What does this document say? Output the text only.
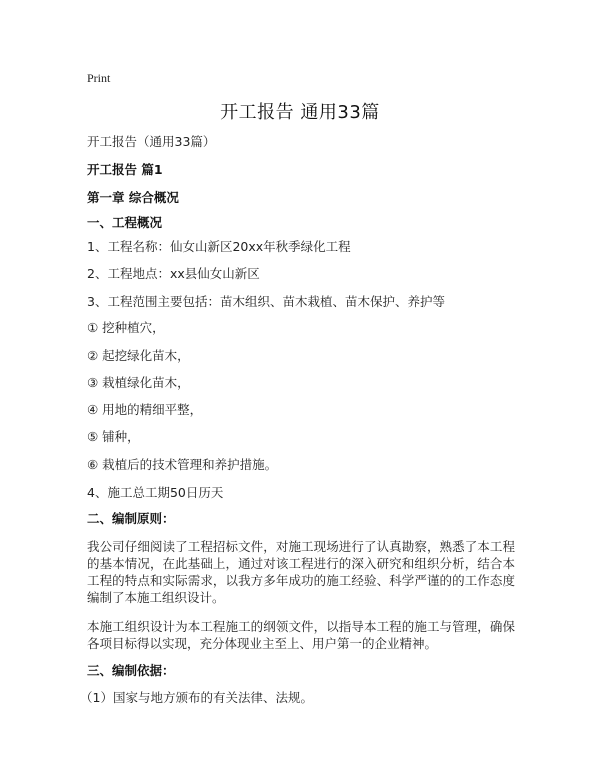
Print
开工报告 通用33篇
开工报告（通用33篇）
开工报告 篇1
第一章 综合概况
一、工程概况
1、工程名称：仙女山新区20xx年秋季绿化工程
2、工程地点：xx县仙女山新区
3、工程范围主要包括：苗木组织、苗木栽植、苗木保护、养护等
① 挖种植穴，
② 起挖绿化苗木，
③ 栽植绿化苗木，
④ 用地的精细平整，
⑤ 铺种，
⑥ 栽植后的技术管理和养护措施。
4、施工总工期50日历天
二、编制原则：
我公司仔细阅读了工程招标文件，对施工现场进行了认真勘察，熟悉了本工程的基本情况，在此基础上，通过对该工程进行的深入研究和组织分析，结合本工程的特点和实际需求，以我方多年成功的施工经验、科学严谨的的工作态度编制了本施工组织设计。
本施工组织设计为本工程施工的纲领文件，以指导本工程的施工与管理，确保各项目标得以实现，充分体现业主至上、用户第一的企业精神。
三、编制依据：
（1）国家与地方颁布的有关法律、法规。
